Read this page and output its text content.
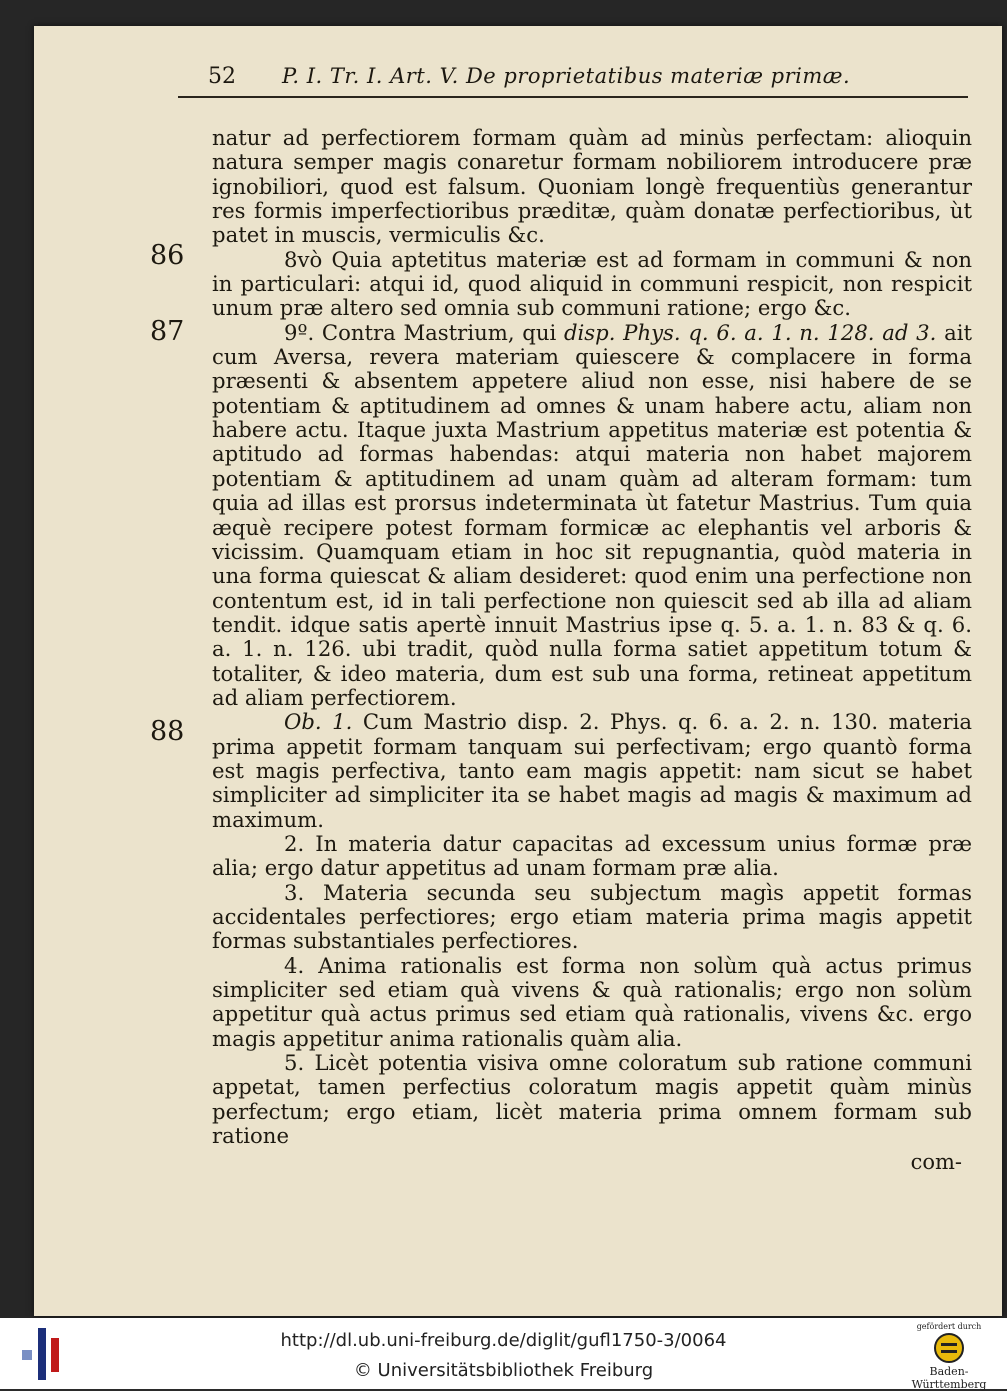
52 P. I. Tr. I. Art. V. De proprietatibus materiæ primæ.
86
87
88

natur ad perfectiorem formam quàm ad minùs perfectam: alioquin natura semper magis conaretur formam nobiliorem introducere præ ignobiliori, quod est falsum. Quoniam longè frequentiùs generantur res formis imperfectioribus præditæ, quàm donatæ perfectioribus, ùt patet in muscis, vermiculis &c.

8vò Quia aptetitus materiæ est ad formam in communi & non in particulari: atqui id, quod aliquid in communi respicit, non respicit unum præ altero sed omnia sub communi ratione; ergo &c.

9º. Contra Mastrium, qui disp. Phys. q. 6. a. 1. n. 128. ad 3. ait cum Aversa, revera materiam quiescere & complacere in forma præsenti & absentem appetere aliud non esse, nisi habere de se potentiam & aptitudinem ad omnes & unam habere actu, aliam non habere actu. Itaque juxta Mastrium appetitus materiæ est potentia & aptitudo ad formas habendas: atqui materia non habet majorem potentiam & aptitudinem ad unam quàm ad alteram formam: tum quia ad illas est prorsus indeterminata ùt fatetur Mastrius. Tum quia æquè recipere potest formam formicæ ac elephantis vel arboris & vicissim. Quamquam etiam in hoc sit repugnantia, quòd materia in una forma quiescat & aliam desideret: quod enim una perfectione non contentum est, id in tali perfectione non quiescit sed ab illa ad aliam tendit. idque satis apertè innuit Mastrius ipse q. 5. a. 1. n. 83 & q. 6. a. 1. n. 126. ubi tradit, quòd nulla forma satiet appetitum totum & totaliter, & ideo materia, dum est sub una forma, retineat appetitum ad aliam perfectiorem.

Ob. 1. Cum Mastrio disp. 2. Phys. q. 6. a. 2. n. 130. materia prima appetit formam tanquam sui perfectivam; ergo quantò forma est magis perfectiva, tanto eam magis appetit: nam sicut se habet simpliciter ad simpliciter ita se habet magis ad magis & maximum ad maximum.

2. In materia datur capacitas ad excessum unius formæ præ alia; ergo datur appetitus ad unam formam præ alia.

3. Materia secunda seu subjectum magìs appetit formas accidentales perfectiores; ergo etiam materia prima magis appetit formas substantiales perfectiores.

4. Anima rationalis est forma non solùm quà actus primus simpliciter sed etiam quà vivens & quà rationalis; ergo non solùm appetitur quà actus primus sed etiam quà rationalis, vivens &c. ergo magis appetitur anima rationalis quàm alia.

5. Licèt potentia visiva omne coloratum sub ratione communi appetat, tamen perfectius coloratum magis appetit quàm minùs perfectum; ergo etiam, licèt materia prima omnem formam sub ratione

com-
http://dl.ub.uni-freiburg.de/diglit/gufl1750-3/0064
© Universitätsbibliothek Freiburg
gefördert durch
Baden-Württemberg
